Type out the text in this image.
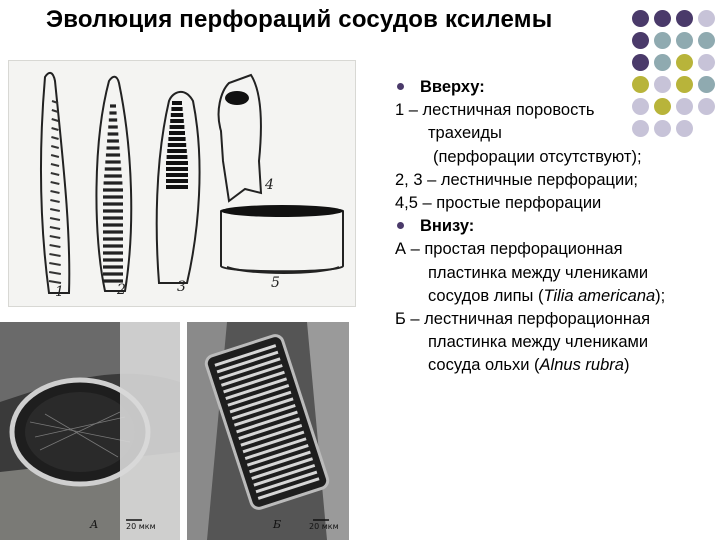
Эволюция перфораций сосудов ксилемы
1	2	3
4
5
А	20 мкм	Б	20 мкм
Вверху:
1 – лестничная поровость
трахеиды
(перфорации отсутствуют);
2, 3 – лестничные перфорации;
4,5 – простые перфорации
Внизу:
А – простая перфорационная
пластинка между члениками
сосудов липы (Tilia americana);
Б – лестничная перфорационная
пластинка между члениками
сосуда ольхи (Alnus rubra)
